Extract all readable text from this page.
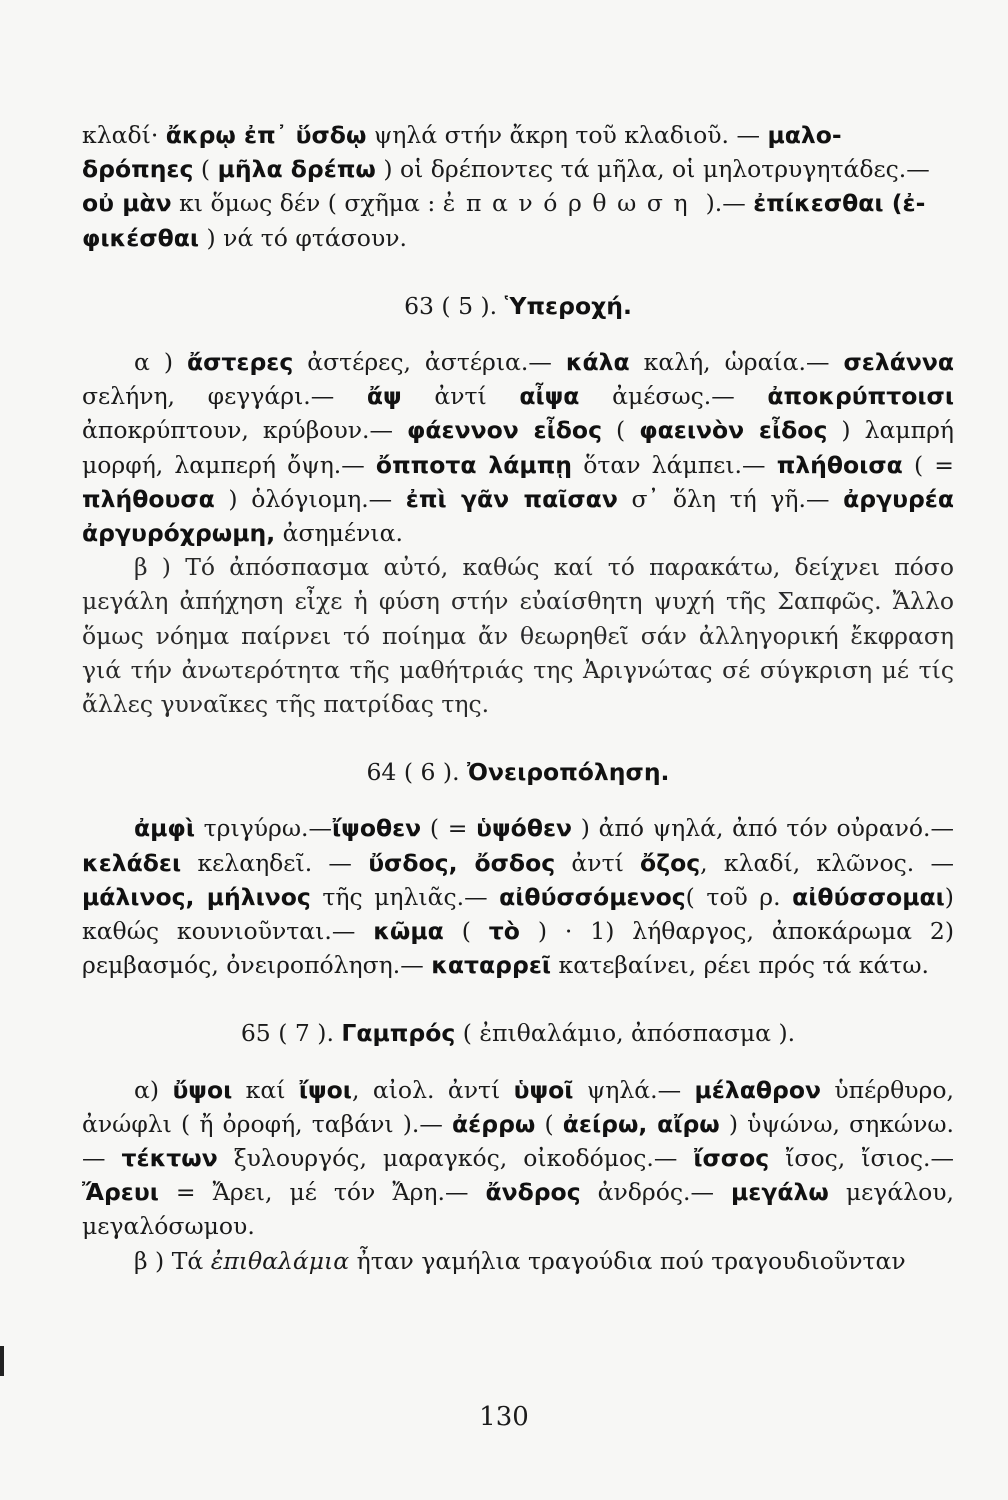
κλαδί· ἄκρῳ ἐπ᾽ ὕσδῳ ψηλά στήν ἄκρη τοῦ κλαδιοῦ. — μαλο-
δρόπηες ( μῆλα δρέπω ) οἱ δρέποντες τά μῆλα, οἱ μηλοτρυγητάδες.—
οὐ μὰν κι ὅμως δέν ( σχῆμα : ἐπανόρθωση ).— ἐπίκεσθαι (ἐ-
φικέσθαι ) νά τό φτάσουν.

63 ( 5 ). Ὑπεροχή.

α ) ἄστερες ἀστέρες, ἀστέρια.— κάλα καλή, ὡραία.— σελάννα σελήνη, φεγγάρι.— ἄψ ἀντί αἶψα ἀμέσως.— ἀποκρύπτοισι ἀποκρύπτουν, κρύβουν.— φάεννον εἶδος ( φαεινὸν εἶδος ) λαμπρή μορφή, λαμπερή ὄψη.— ὄπποτα λάμπῃ ὅταν λάμπει.— πλήθοισα ( = πλήθουσα ) ὁλόγιομη.— ἐπὶ γᾶν παῖσαν σ᾽ ὅλη τή γῆ.— ἀργυρέα ἀργυρόχρωμη, ἀσημένια.

β ) Τό ἀπόσπασμα αὐτό, καθώς καί τό παρακάτω, δείχνει πόσο μεγάλη ἀπήχηση εἶχε ἡ φύση στήν εὐαίσθητη ψυχή τῆς Σαπφῶς. Ἄλλο ὅμως νόημα παίρνει τό ποίημα ἄν θεωρηθεῖ σάν ἀλληγορική ἔκφραση γιά τήν ἀνωτερότητα τῆς μαθήτριάς της Ἀριγνώτας σέ σύγκριση μέ τίς ἄλλες γυναῖκες τῆς πατρίδας της.

64 ( 6 ). Ὀνειροπόληση.

ἀμφὶ τριγύρω.—ἴψοθεν ( = ὑψόθεν ) ἀπό ψηλά, ἀπό τόν οὐρανό.— κελάδει κελαηδεῖ. — ὔσδος, ὄσδος ἀντί ὄζος, κλαδί, κλῶνος. — μάλινος, μήλινος τῆς μηλιᾶς.— αἰθύσσόμενος( τοῦ ρ. αἰθύσσομαι) καθώς κουνιοῦνται.— κῶμα ( τὸ ) · 1) λήθαργος, ἀποκάρωμα 2) ρεμβασμός, ὀνειροπόληση.— καταρρεῖ κατεβαίνει, ρέει πρός τά κάτω.

65 ( 7 ). Γαμπρός ( ἐπιθαλάμιο, ἀπόσπασμα ).

α) ὔψοι καί ἴψοι, αἰολ. ἀντί ὑψοῖ ψηλά.— μέλαθρον ὑπέρθυρο, ἀνώφλι ( ἤ ὀροφή, ταβάνι ).— ἀέρρω ( ἀείρω, αἴρω ) ὑψώνω, σηκώνω.— τέκτων ξυλουργός, μαραγκός, οἰκοδόμος.— ἴσσος ἴσος, ἴσιος.— Ἄρευι = Ἄρει, μέ τόν Ἄρη.— ἄνδρος ἀνδρός.— μεγάλω μεγάλου, μεγαλόσωμου.

β ) Τά ἐπιθαλάμια ἦταν γαμήλια τραγούδια πού τραγουδιοῦνταν

130
